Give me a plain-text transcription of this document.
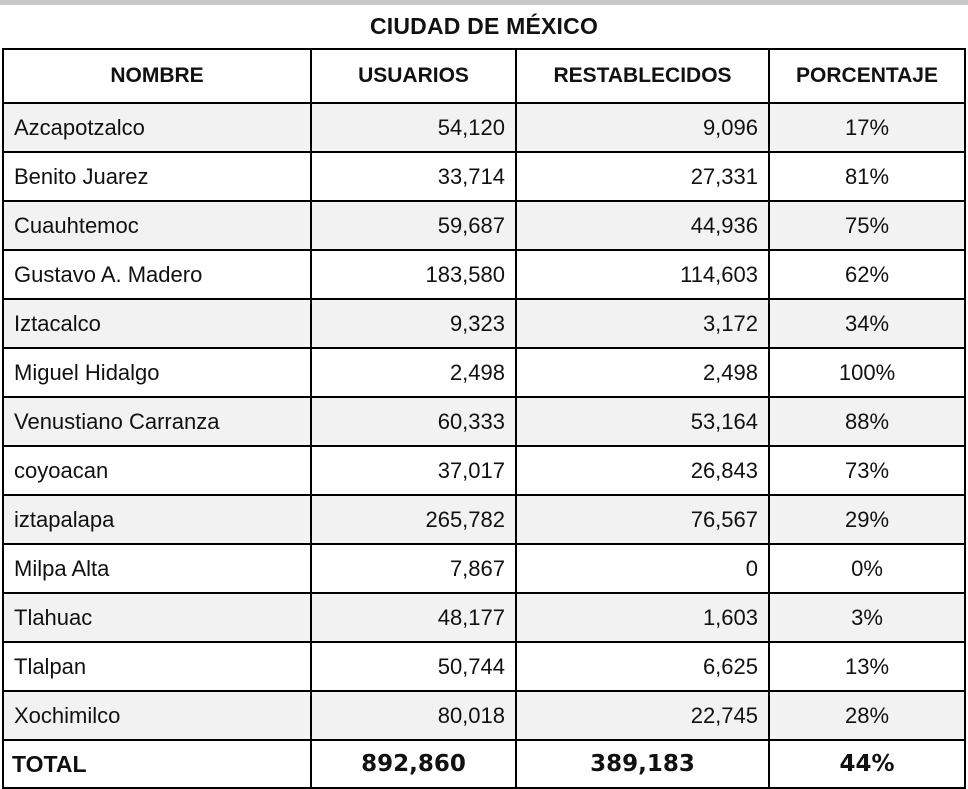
CIUDAD DE MÉXICO
NOMBRE	USUARIOS	RESTABLECIDOS	PORCENTAJE
Azcapotzalco	54,120	9,096	17%
Benito Juarez	33,714	27,331	81%
Cuauhtemoc	59,687	44,936	75%
Gustavo A. Madero	183,580	114,603	62%
Iztacalco	9,323	3,172	34%
Miguel Hidalgo	2,498	2,498	100%
Venustiano Carranza	60,333	53,164	88%
coyoacan	37,017	26,843	73%
iztapalapa	265,782	76,567	29%
Milpa Alta	7,867	0	0%
Tlahuac	48,177	1,603	3%
Tlalpan	50,744	6,625	13%
Xochimilco	80,018	22,745	28%
TOTAL	892,860	389,183	44%
